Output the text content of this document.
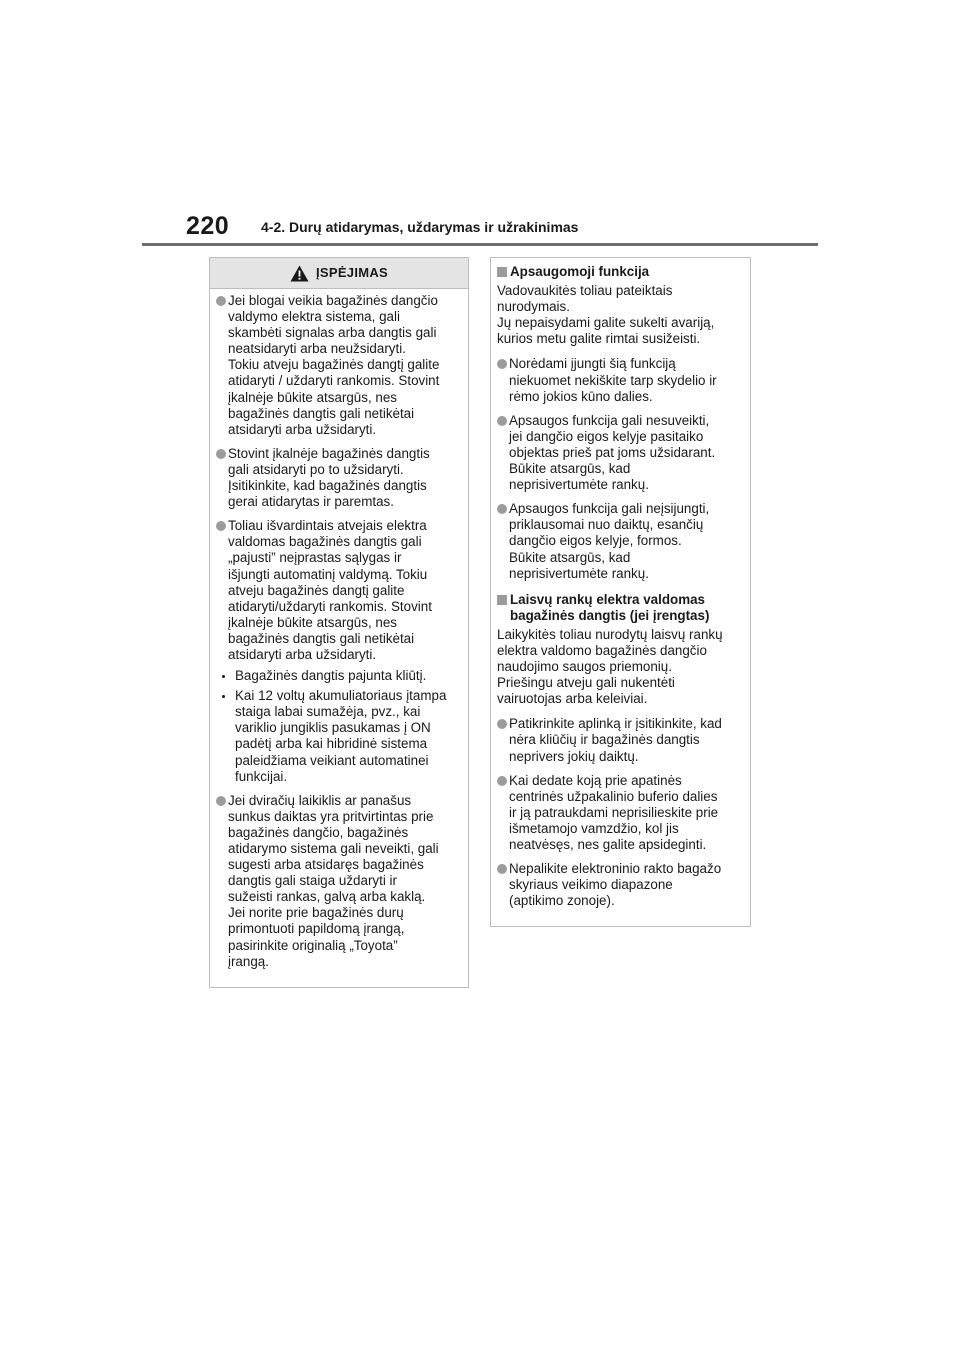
220 4-2. Durų atidarymas, uždarymas ir užrakinimas
ĮSPĖJIMAS
Jei blogai veikia bagažinės dangčio
valdymo elektra sistema, gali
skambėti signalas arba dangtis gali
neatsidaryti arba neužsidaryti.
Tokiu atveju bagažinės dangtį galite
atidaryti / uždaryti rankomis. Stovint
įkalnėje būkite atsargūs, nes
bagažinės dangtis gali netikėtai
atsidaryti arba užsidaryti.
Stovint įkalnėje bagažinės dangtis
gali atsidaryti po to užsidaryti.
Įsitikinkite, kad bagažinės dangtis
gerai atidarytas ir paremtas.
Toliau išvardintais atvejais elektra
valdomas bagažinės dangtis gali
„pajusti” neįprastas sąlygas ir
išjungti automatinį valdymą. Tokiu
atveju bagažinės dangtį galite
atidaryti/uždaryti rankomis. Stovint
įkalnėje būkite atsargūs, nes
bagažinės dangtis gali netikėtai
atsidaryti arba užsidaryti.
Bagažinės dangtis pajunta kliūtį.
Kai 12 voltų akumuliatoriaus įtampa
staiga labai sumažėja, pvz., kai
variklio jungiklis pasukamas į ON
padėtį arba kai hibridinė sistema
paleidžiama veikiant automatinei
funkcijai.
Jei dviračių laikiklis ar panašus
sunkus daiktas yra pritvirtintas prie
bagažinės dangčio, bagažinės
atidarymo sistema gali neveikti, gali
sugesti arba atsidaręs bagažinės
dangtis gali staiga uždaryti ir
sužeisti rankas, galvą arba kaklą.
Jei norite prie bagažinės durų
primontuoti papildomą įrangą,
pasirinkite originalią „Toyota”
įrangą.
Apsaugomoji funkcija
Vadovaukitės toliau pateiktais
nurodymais.
Jų nepaisydami galite sukelti avariją,
kurios metu galite rimtai susižeisti.
Norėdami įjungti šią funkciją
niekuomet nekiškite tarp skydelio ir
rėmo jokios kūno dalies.
Apsaugos funkcija gali nesuveikti,
jei dangčio eigos kelyje pasitaiko
objektas prieš pat joms užsidarant.
Būkite atsargūs, kad
neprisivertumėte rankų.
Apsaugos funkcija gali neįsijungti,
priklausomai nuo daiktų, esančių
dangčio eigos kelyje, formos.
Būkite atsargūs, kad
neprisivertumėte rankų.
Laisvų rankų elektra valdomas
bagažinės dangtis (jei įrengtas)
Laikykitės toliau nurodytų laisvų rankų
elektra valdomo bagažinės dangčio
naudojimo saugos priemonių.
Priešingu atveju gali nukentėti
vairuotojas arba keleiviai.
Patikrinkite aplinką ir įsitikinkite, kad
nėra kliūčių ir bagažinės dangtis
neprivers jokių daiktų.
Kai dedate koją prie apatinės
centrinės užpakalinio buferio dalies
ir ją patraukdami neprisilieskite prie
išmetamojo vamzdžio, kol jis
neatvėsęs, nes galite apsideginti.
Nepalikite elektroninio rakto bagažo
skyriaus veikimo diapazone
(aptikimo zonoje).
